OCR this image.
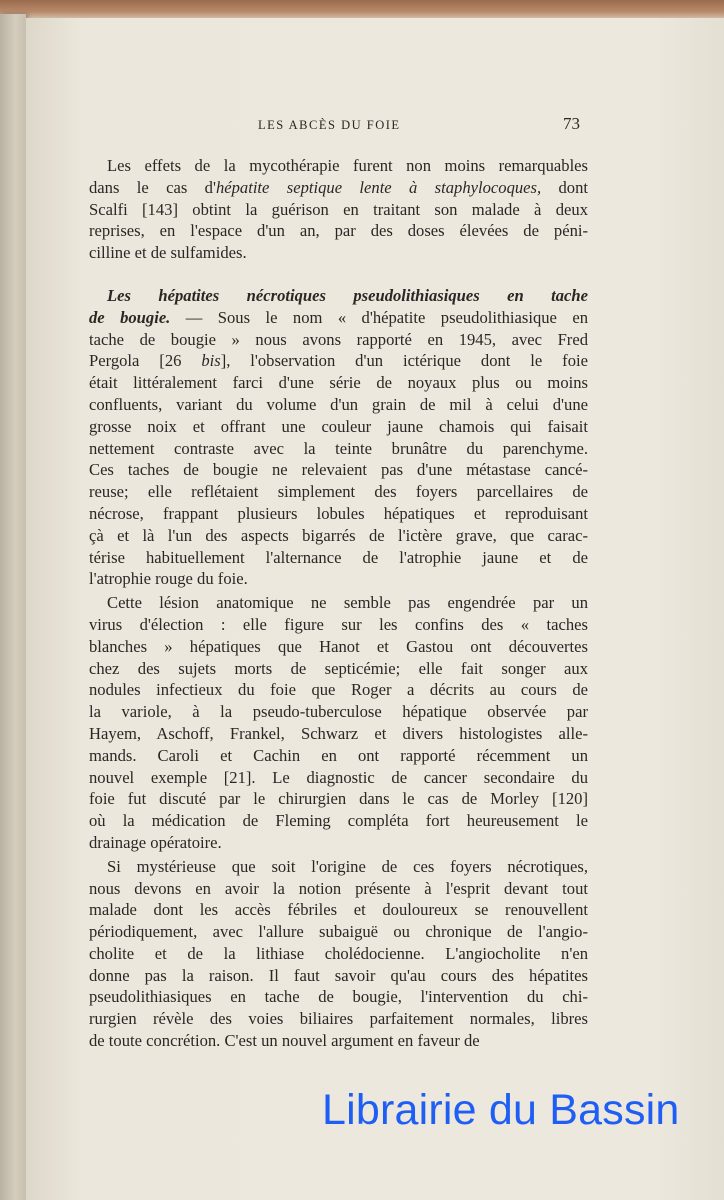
LES ABCÈS DU FOIE	73
Les effets de la mycothérapie furent non moins remarquables
dans le cas d'hépatite septique lente à staphylocoques, dont
Scalfi [143] obtint la guérison en traitant son malade à deux
reprises, en l'espace d'un an, par des doses élevées de péni-
cilline et de sulfamides.
Les hépatites nécrotiques pseudolithiasiques en tache
de bougie. — Sous le nom « d'hépatite pseudolithiasique en
tache de bougie » nous avons rapporté en 1945, avec Fred
Pergola [26 bis], l'observation d'un ictérique dont le foie
était littéralement farci d'une série de noyaux plus ou moins
confluents, variant du volume d'un grain de mil à celui d'une
grosse noix et offrant une couleur jaune chamois qui faisait
nettement contraste avec la teinte brunâtre du parenchyme.
Ces taches de bougie ne relevaient pas d'une métastase cancé-
reuse; elle reflétaient simplement des foyers parcellaires de
nécrose, frappant plusieurs lobules hépatiques et reproduisant
çà et là l'un des aspects bigarrés de l'ictère grave, que carac-
térise habituellement l'alternance de l'atrophie jaune et de
l'atrophie rouge du foie.
Cette lésion anatomique ne semble pas engendrée par un
virus d'élection : elle figure sur les confins des « taches
blanches » hépatiques que Hanot et Gastou ont découvertes
chez des sujets morts de septicémie; elle fait songer aux
nodules infectieux du foie que Roger a décrits au cours de
la variole, à la pseudo-tuberculose hépatique observée par
Hayem, Aschoff, Frankel, Schwarz et divers histologistes alle-
mands. Caroli et Cachin en ont rapporté récemment un
nouvel exemple [21]. Le diagnostic de cancer secondaire du
foie fut discuté par le chirurgien dans le cas de Morley [120]
où la médication de Fleming compléta fort heureusement le
drainage opératoire.
Si mystérieuse que soit l'origine de ces foyers nécrotiques,
nous devons en avoir la notion présente à l'esprit devant tout
malade dont les accès fébriles et douloureux se renouvellent
périodiquement, avec l'allure subaiguë ou chronique de l'angio-
cholite et de la lithiase cholédocienne. L'angiocholite n'en
donne pas la raison. Il faut savoir qu'au cours des hépatites
pseudolithiasiques en tache de bougie, l'intervention du chi-
rurgien révèle des voies biliaires parfaitement normales, libres
de toute concrétion. C'est un nouvel argument en faveur de
Librairie du Bassin
